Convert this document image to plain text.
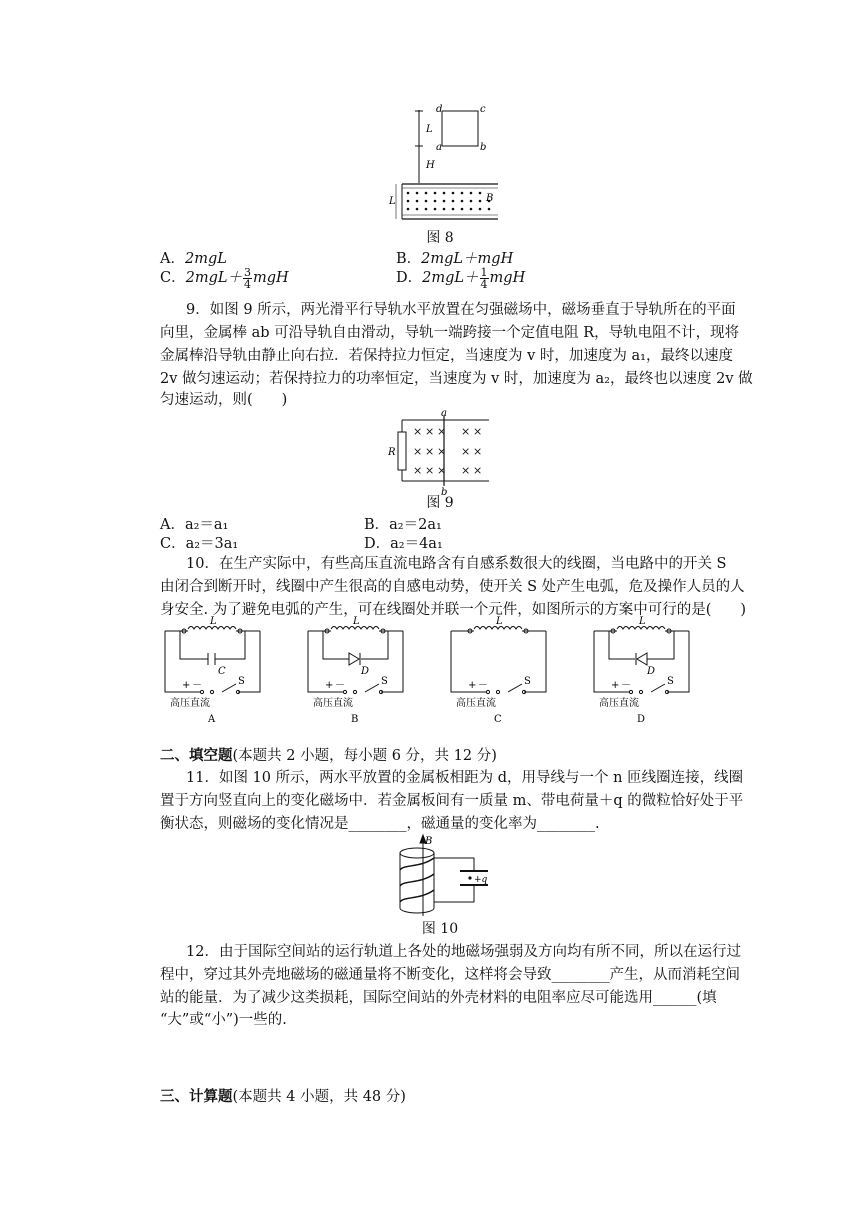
d	c
a	b
L
H
L	B
图 8
A．2mgL	B．2mgL＋mgH
C．$2mgL+ \frac{3}{4}$ mgH	D．$2mgL+ \frac{1}{4}$ mgH
9．如图 9 所示，两光滑平行导轨水平放置在匀强磁场中，磁场垂直于导轨所在的平面
向里，金属棒 ab 可沿导轨自由滑动，导轨一端跨接一个定值电阻 R，导轨电阻不计，现将
金属棒沿导轨由静止向右拉．若保持拉力恒定，当速度为 v 时，加速度为 a₁，最终以速度
2v 做匀速运动；若保持拉力的功率恒定，当速度为 v 时，加速度为 a₂，最终也以速度 2v 做
匀速运动，则(　　)
× × × × ×
× × × × ×
× × × × ×
a
b
R
图 9
A．a₂＝a₁	B．a₂＝2a₁
C．a₂＝3a₁	D．a₂＝4a₁
10．在生产实际中，有些高压直流电路含有自感系数很大的线圈，当电路中的开关 S
由闭合到断开时，线圈中产生很高的自感电动势，使开关 S 处产生电弧，危及操作人员的人
身安全. 为了避免电弧的产生，可在线圈处并联一个元件，如图所示的方案中可行的是(　　)
L
C
S
+ －
高压直流
A
L
D
S
+ －
高压直流
B
L
S
+ －
高压直流
C
L
D
S
+ －
高压直流
D
二、填空题(本题共 2 小题，每小题 6 分，共 12 分)
11．如图 10 所示，两水平放置的金属板相距为 d，用导线与一个 n 匝线圈连接，线圈
置于方向竖直向上的变化磁场中．若金属板间有一质量 m、带电荷量＋q 的微粒恰好处于平
衡状态，则磁场的变化情况是________，磁通量的变化率为________.
B
+q
图 10
12．由于国际空间站的运行轨道上各处的地磁场强弱及方向均有所不同，所以在运行过
程中，穿过其外壳地磁场的磁通量将不断变化，这样将会导致________产生，从而消耗空间
站的能量．为了减少这类损耗，国际空间站的外壳材料的电阻率应尽可能选用______(填
“大”或“小”)一些的.
三、计算题(本题共 4 小题，共 48 分)
